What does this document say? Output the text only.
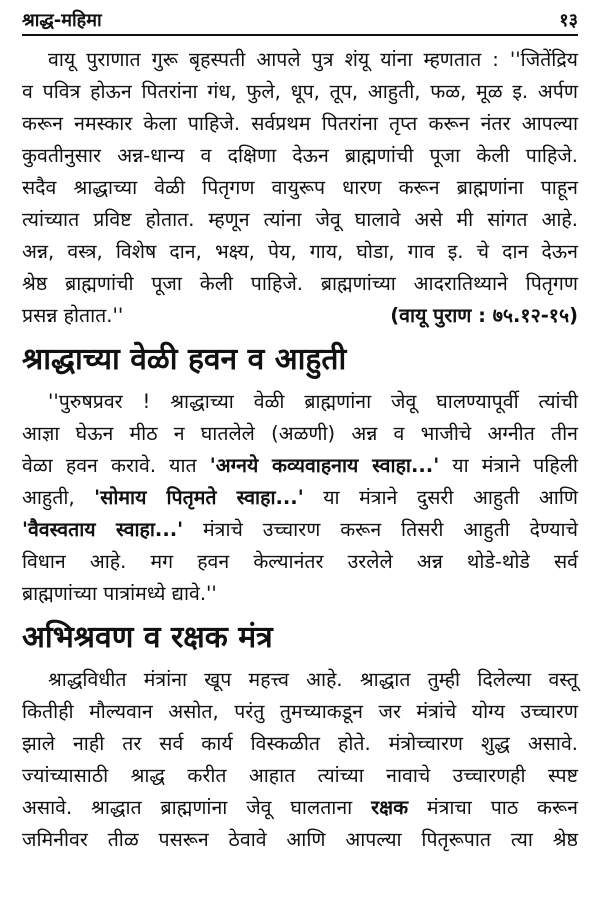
श्राद्ध-महिमा	१३
वायू पुराणात गुरू बृहस्पती आपले पुत्र शंयू यांना म्हणतात : ''जितेंद्रिय
व पवित्र होऊन पितरांना गंध, फुले, धूप, तूप, आहुती, फळ, मूळ इ. अर्पण
करून नमस्कार केला पाहिजे. सर्वप्रथम पितरांना तृप्त करून नंतर आपल्या
कुवतीनुसार अन्न-धान्य व दक्षिणा देऊन ब्राह्मणांची पूजा केली पाहिजे.
सदैव श्राद्धाच्या वेळी पितृगण वायुरूप धारण करून ब्राह्मणांना पाहून
त्यांच्यात प्रविष्ट होतात. म्हणून त्यांना जेवू घालावे असे मी सांगत आहे.
अन्न, वस्त्र, विशेष दान, भक्ष्य, पेय, गाय, घोडा, गाव इ. चे दान देऊन
श्रेष्ठ ब्राह्मणांची पूजा केली पाहिजे. ब्राह्मणांच्या आदरातिथ्याने पितृगण
प्रसन्न होतात.''	(वायू पुराण : ७५.१२-१५)
श्राद्धाच्या वेळी हवन व आहुती
''पुरुषप्रवर ! श्राद्धाच्या वेळी ब्राह्मणांना जेवू घालण्यापूर्वी त्यांची
आज्ञा घेऊन मीठ न घातलेले (अळणी) अन्न व भाजीचे अग्नीत तीन
वेळा हवन करावे. यात 'अग्नये कव्यवाहनाय स्वाहा...' या मंत्राने पहिली
आहुती, 'सोमाय पितृमते स्वाहा...' या मंत्राने दुसरी आहुती आणि
'वैवस्वताय स्वाहा...' मंत्राचे उच्चारण करून तिसरी आहुती देण्याचे
विधान आहे. मग हवन केल्यानंतर उरलेले अन्न थोडे-थोडे सर्व
ब्राह्मणांच्या पात्रांमध्ये द्यावे.''
अभिश्रवण व रक्षक मंत्र
श्राद्धविधीत मंत्रांना खूप महत्त्व आहे. श्राद्धात तुम्ही दिलेल्या वस्तू
कितीही मौल्यवान असोत, परंतु तुमच्याकडून जर मंत्रांचे योग्य उच्चारण
झाले नाही तर सर्व कार्य विस्कळीत होते. मंत्रोच्चारण शुद्ध असावे.
ज्यांच्यासाठी श्राद्ध करीत आहात त्यांच्या नावाचे उच्चारणही स्पष्ट
असावे. श्राद्धात ब्राह्मणांना जेवू घालताना रक्षक मंत्राचा पाठ करून
जमिनीवर तीळ पसरून ठेवावे आणि आपल्या पितृरूपात त्या श्रेष्ठ
